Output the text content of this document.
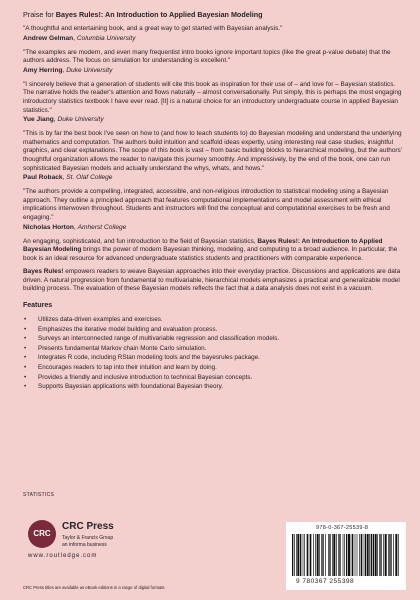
Praise for Bayes Rules!: An Introduction to Applied Bayesian Modeling

"A thoughtful and entertaining book, and a great way to get started with Bayesian analysis."

Andrew Gelman, Columbia University

"The examples are modern, and even many frequentist intro books ignore important topics (like the great p-value debate) that the authors address. The focus on simulation for understanding is excellent."

Amy Herring, Duke University

"I sincerely believe that a generation of students will cite this book as inspiration for their use of – and love for – Bayesian statistics. The narrative holds the reader's attention and flows naturally – almost conversationally. Put simply, this is perhaps the most engaging introductory statistics textbook I have ever read. [It] is a natural choice for an introductory undergraduate course in applied Bayesian statistics."

Yue Jiang, Duke University

"This is by far the best book I've seen on how to (and how to teach students to) do Bayesian modeling and understand the underlying mathematics and computation. The authors build intuition and scaffold ideas expertly, using interesting real case studies, insightful graphics, and clear explanations. The scope of this book is vast – from basic building blocks to hierarchical modeling, but the authors' thoughtful organization allows the reader to navigate this journey smoothly. And impressively, by the end of the book, one can run sophisticated Bayesian models and actually understand the whys, whats, and hows."

Paul Roback, St. Olaf College

"The authors provide a compelling, integrated, accessible, and non-religious introduction to statistical modeling using a Bayesian approach. They outline a principled approach that features computational implementations and model assessment with ethical implications interwoven throughout. Students and instructors will find the conceptual and computational exercises to be fresh and engaging."

Nicholas Horton, Amherst College

An engaging, sophisticated, and fun introduction to the field of Bayesian statistics, Bayes Rules!: An Introduction to Applied Bayesian Modeling brings the power of modern Bayesian thinking, modeling, and computing to a broad audience. In particular, the book is an ideal resource for advanced undergraduate statistics students and practitioners with comparable experience.

Bayes Rules! empowers readers to weave Bayesian approaches into their everyday practice. Discussions and applications are data driven. A natural progression from fundamental to multivariable, hierarchical models emphasizes a practical and generalizable model building process. The evaluation of these Bayesian models reflects the fact that a data analysis does not exist in a vacuum.

Features
• Utilizes data-driven examples and exercises.
• Emphasizes the iterative model building and evaluation process.
• Surveys an interconnected range of multivariable regression and classification models.
• Presents fundamental Markov chain Monte Carlo simulation.
• Integrates R code, including RStan modeling tools and the bayesrules package.
• Encourages readers to tap into their intuition and learn by doing.
• Provides a friendly and inclusive introduction to technical Bayesian concepts.
• Supports Bayesian applications with foundational Bayesian theory.
STATISTICS
CRC
CRC Press
Taylor & Francis Group
an informa business
www.routledge.com
CRC Press titles are available as eBook editions in a range of digital formats
978-0-367-25539-8
9 780367 255398
